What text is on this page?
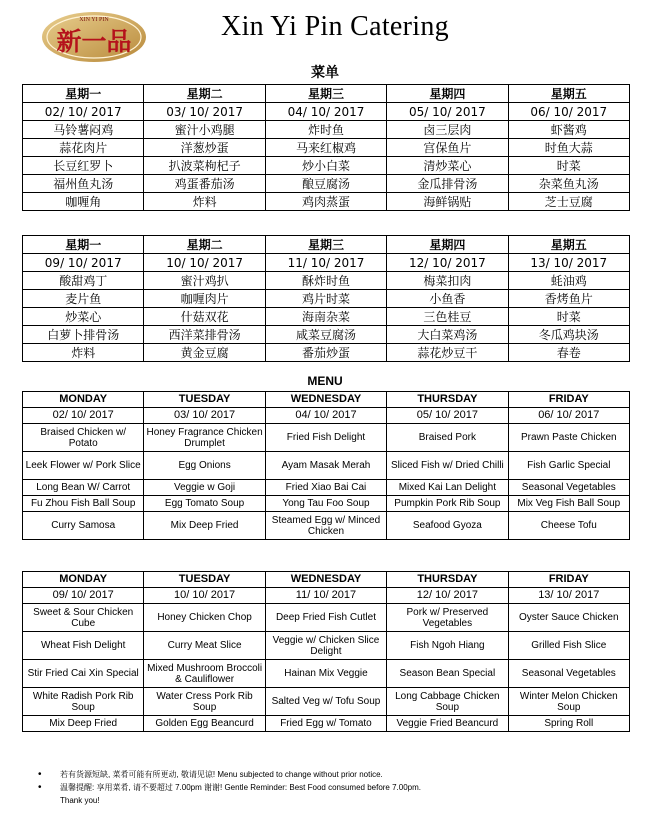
XIN YI PIN
新一品	Xin Yi Pin Catering
菜单
星期一	星期二	星期三	星期四	星期五
02/ 10/ 2017	03/ 10/ 2017	04/ 10/ 2017	05/ 10/ 2017	06/ 10/ 2017
马铃薯闷鸡	蜜汁小鸡腿	炸时鱼	卤三层肉	虾酱鸡
蒜花肉片	洋葱炒蛋	马来红椒鸡	宫保鱼片	时鱼大蒜
长豆红罗卜	扒波菜枸杞子	炒小白菜	清炒菜心	时菜
福州鱼丸汤	鸡蛋番茄汤	酿豆腐汤	金瓜排骨汤	杂菜鱼丸汤
咖喱角	炸料	鸡肉蒸蛋	海鲜锅贴	芝士豆腐
星期一	星期二	星期三	星期四	星期五
09/ 10/ 2017	10/ 10/ 2017	11/ 10/ 2017	12/ 10/ 2017	13/ 10/ 2017
酸甜鸡丁	蜜汁鸡扒	酥炸时鱼	梅菜扣肉	蚝油鸡
麦片鱼	咖喱肉片	鸡片时菜	小鱼香	香烤鱼片
炒菜心	什菇双花	海南杂菜	三色桂豆	时菜
白萝卜排骨汤	西洋菜排骨汤	咸菜豆腐汤	大白菜鸡汤	冬瓜鸡块汤
炸料	黄金豆腐	番茄炒蛋	蒜花炒豆干	春卷
MENU
MONDAY	TUESDAY	WEDNESDAY	THURSDAY	FRIDAY
02/ 10/ 2017	03/ 10/ 2017	04/ 10/ 2017	05/ 10/ 2017	06/ 10/ 2017
Braised Chicken w/ Potato	Honey Fragrance Chicken Drumplet	Fried Fish Delight	Braised Pork	Prawn Paste Chicken
Leek Flower w/ Pork Slice	Egg Onions	Ayam Masak Merah	Sliced Fish w/ Dried Chilli	Fish Garlic Special
Long Bean W/ Carrot	Veggie w Goji	Fried Xiao Bai Cai	Mixed Kai Lan Delight	Seasonal Vegetables
Fu Zhou Fish Ball Soup	Egg Tomato Soup	Yong Tau Foo Soup	Pumpkin Pork Rib Soup	Mix Veg Fish Ball Soup
Curry Samosa	Mix Deep Fried	Steamed Egg w/ Minced Chicken	Seafood Gyoza	Cheese Tofu
MONDAY	TUESDAY	WEDNESDAY	THURSDAY	FRIDAY
09/ 10/ 2017	10/ 10/ 2017	11/ 10/ 2017	12/ 10/ 2017	13/ 10/ 2017
Sweet & Sour Chicken Cube	Honey Chicken Chop	Deep Fried Fish Cutlet	Pork w/ Preserved Vegetables	Oyster Sauce Chicken
Wheat Fish Delight	Curry Meat Slice	Veggie w/ Chicken Slice Delight	Fish Ngoh Hiang	Grilled Fish Slice
Stir Fried Cai Xin Special	Mixed Mushroom Broccoli & Cauliflower	Hainan Mix Veggie	Season Bean Special	Seasonal Vegetables
White Radish Pork Rib Soup	Water Cress Pork Rib Soup	Salted Veg w/ Tofu Soup	Long Cabbage Chicken Soup	Winter Melon Chicken Soup
Mix Deep Fried	Golden Egg Beancurd	Fried Egg w/ Tomato	Veggie Fried Beancurd	Spring Roll
• 若有货源短缺, 菜肴可能有所更动, 敬请见谅! Menu subjected to change without prior notice.
• 温馨提醒: 享用菜肴, 请不要超过 7.00pm 谢谢! Gentle Reminder: Best Food consumed before 7.00pm.
Thank you!
